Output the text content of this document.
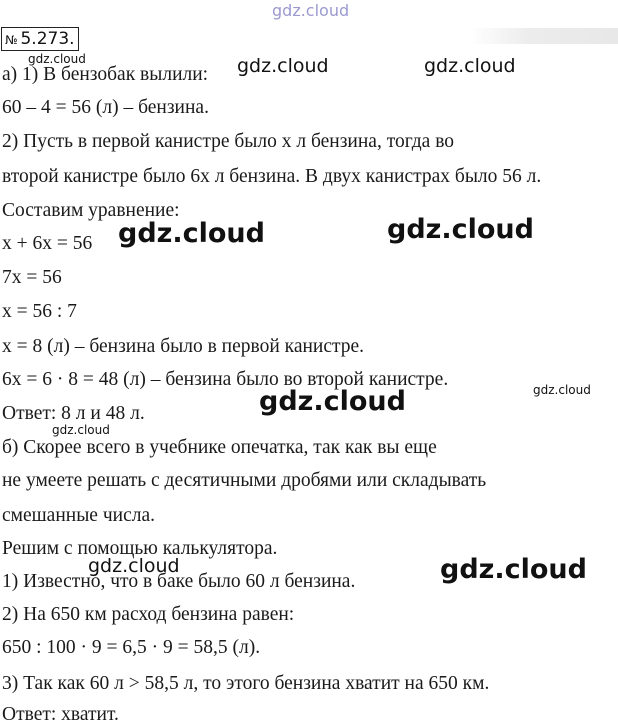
gdz.cloud
№ 5.273.
а) 1) В бензобак вылили:
60 – 4 = 56 (л) – бензина.
2) Пусть в первой канистре было x л бензина, тогда во
второй канистре было 6x л бензина. В двух канистрах было 56 л.
Составим уравнение:
x + 6x = 56
7x = 56
x = 56 : 7
x = 8 (л) – бензина было в первой канистре.
6x = 6 · 8 = 48 (л) – бензина было во второй канистре.
Ответ: 8 л и 48 л.
б) Скорее всего в учебнике опечатка, так как вы еще
не умеете решать с десятичными дробями или складывать
смешанные числа.
Решим с помощью калькулятора.
1) Известно, что в баке было 60 л бензина.
2) На 650 км расход бензина равен:
650 : 100 · 9 = 6,5 · 9 = 58,5 (л).
3) Так как 60 л > 58,5 л, то этого бензина хватит на 650 км.
Ответ: хватит.
gdz.cloud	gdz.cloud	gdz.cloud
gdz.cloud	gdz.cloud
gdz.cloud
gdz.cloud
gdz.cloud
gdz.cloud	gdz.cloud
